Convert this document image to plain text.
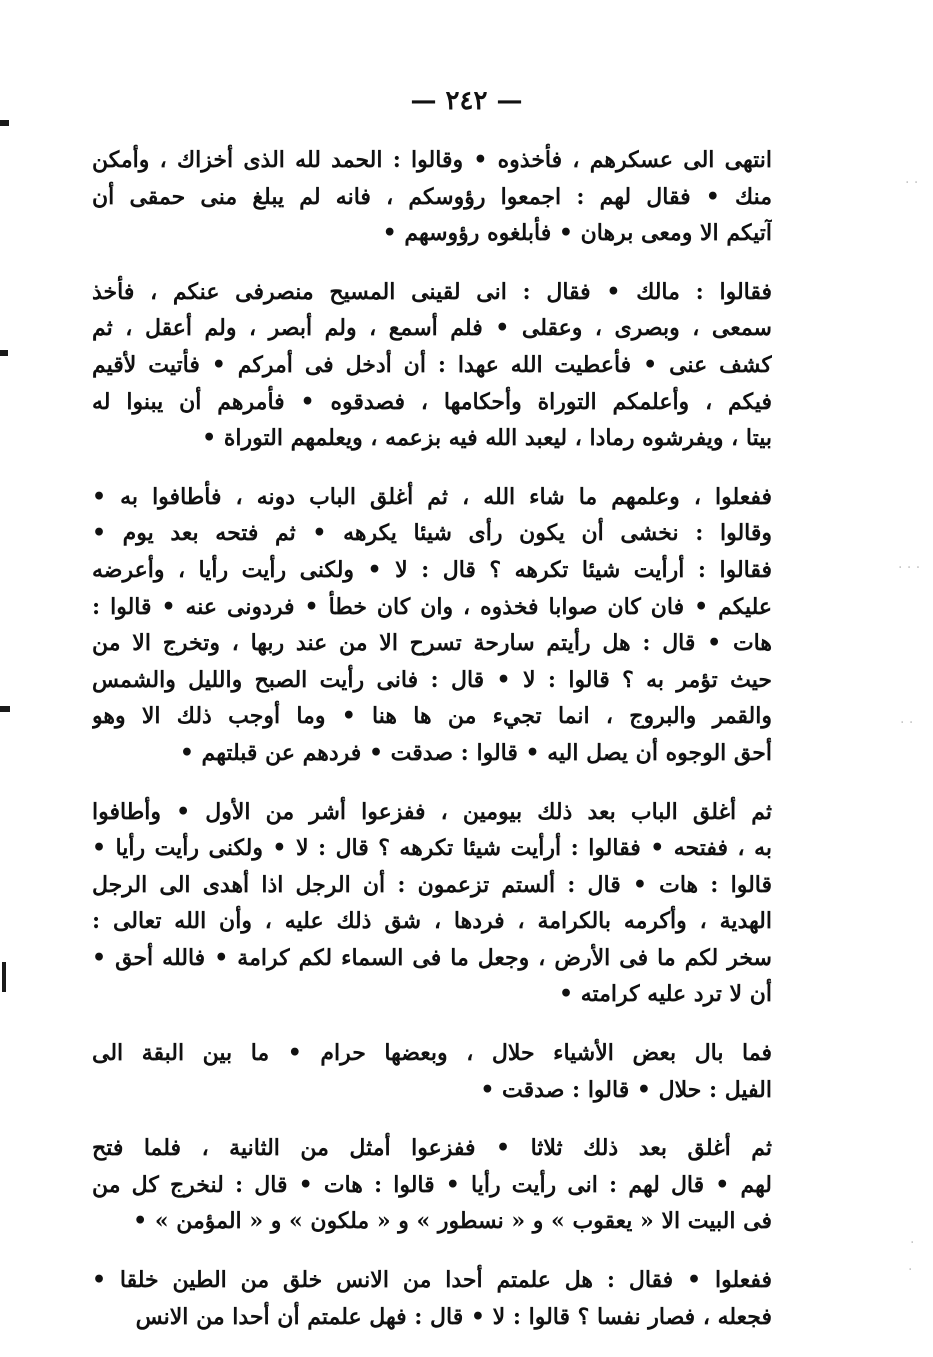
— ٢٤٢ —
انتهى الى عسكرهم ، فأخذوه • وقالوا : الحمد لله الذى أخزاك ، وأمكن
منك • فقال لهم : اجمعوا رؤوسكم ، فانه لم يبلغ منى حمقى أن
آتيكم الا ومعى برهان • فأبلغوه رؤوسهم •
فقالوا : مالك • فقال : انى لقينى المسيح منصرفى عنكم ، فأخذ
سمعى ، وبصرى ، وعقلى • فلم أسمع ، ولم أبصر ، ولم أعقل ، ثم
كشف عنى • فأعطيت الله عهدا : أن أدخل فى أمركم • فأتيت لأقيم
فيكم ، وأعلمكم التوراة وأحكامها ، فصدقوه • فأمرهم أن يبنوا له
بيتا ، ويفرشوه رمادا ، ليعبد الله فيه بزعمه ، ويعلمهم التوراة •
ففعلوا ، وعلمهم ما شاء الله ، ثم أغلق الباب دونه ، فأطافوا به •
وقالوا : نخشى أن يكون رأى شيئا يكرهه • ثم فتحه بعد يوم •
فقالوا : أرأيت شيئا تكرهه ؟ قال : لا • ولكنى رأيت رأيا ، وأعرضه
عليكم • فان كان صوابا فخذوه ، وان كان خطأ • فردونى عنه • قالوا :
هات • قال : هل رأيتم سارحة تسرح الا من عند ربها ، وتخرج الا من
حيث تؤمر به ؟ قالوا : لا • قال : فانى رأيت الصبح والليل والشمس
والقمر والبروج ، انما تجيء من ها هنا • وما أوجب ذلك الا وهو
أحق الوجوه أن يصل اليه • قالوا : صدقت • فردهم عن قبلتهم •
ثم أغلق الباب بعد ذلك بيومين ، ففزعوا أشر من الأول • وأطافوا
به ، ففتحه • فقالوا : أرأيت شيئا تكرهه ؟ قال : لا • ولكنى رأيت رأيا •
قالوا : هات • قال : ألستم تزعمون : أن الرجل اذا أهدى الى الرجل
الهدية ، وأكرمه بالكرامة ، فردها ، شق ذلك عليه ، وأن الله تعالى :
سخر لكم ما فى الأرض ، وجعل ما فى السماء لكم كرامة • فالله أحق •
أن لا ترد عليه كرامته •
فما بال بعض الأشياء حلال ، وبعضها حرام • ما بين البقة الى
الفيل : حلال • قالوا : صدقت •
ثم أغلق بعد ذلك ثلاثا • ففزعوا أمثل من الثانية ، فلما فتح
لهم • قال لهم : انى رأيت رأيا • قالوا : هات • قال : لنخرج كل من
فى البيت الا « يعقوب » و « نسطور » و « ملكون » و « المؤمن » •
ففعلوا • فقال : هل علمتم أحدا من الانس خلق من الطين خلقا •
فجعله ، فصار نفسا ؟ قالوا : لا • قال : فهل علمتم أن أحدا من الانس
· ·
· · ·
· ·
·
·
